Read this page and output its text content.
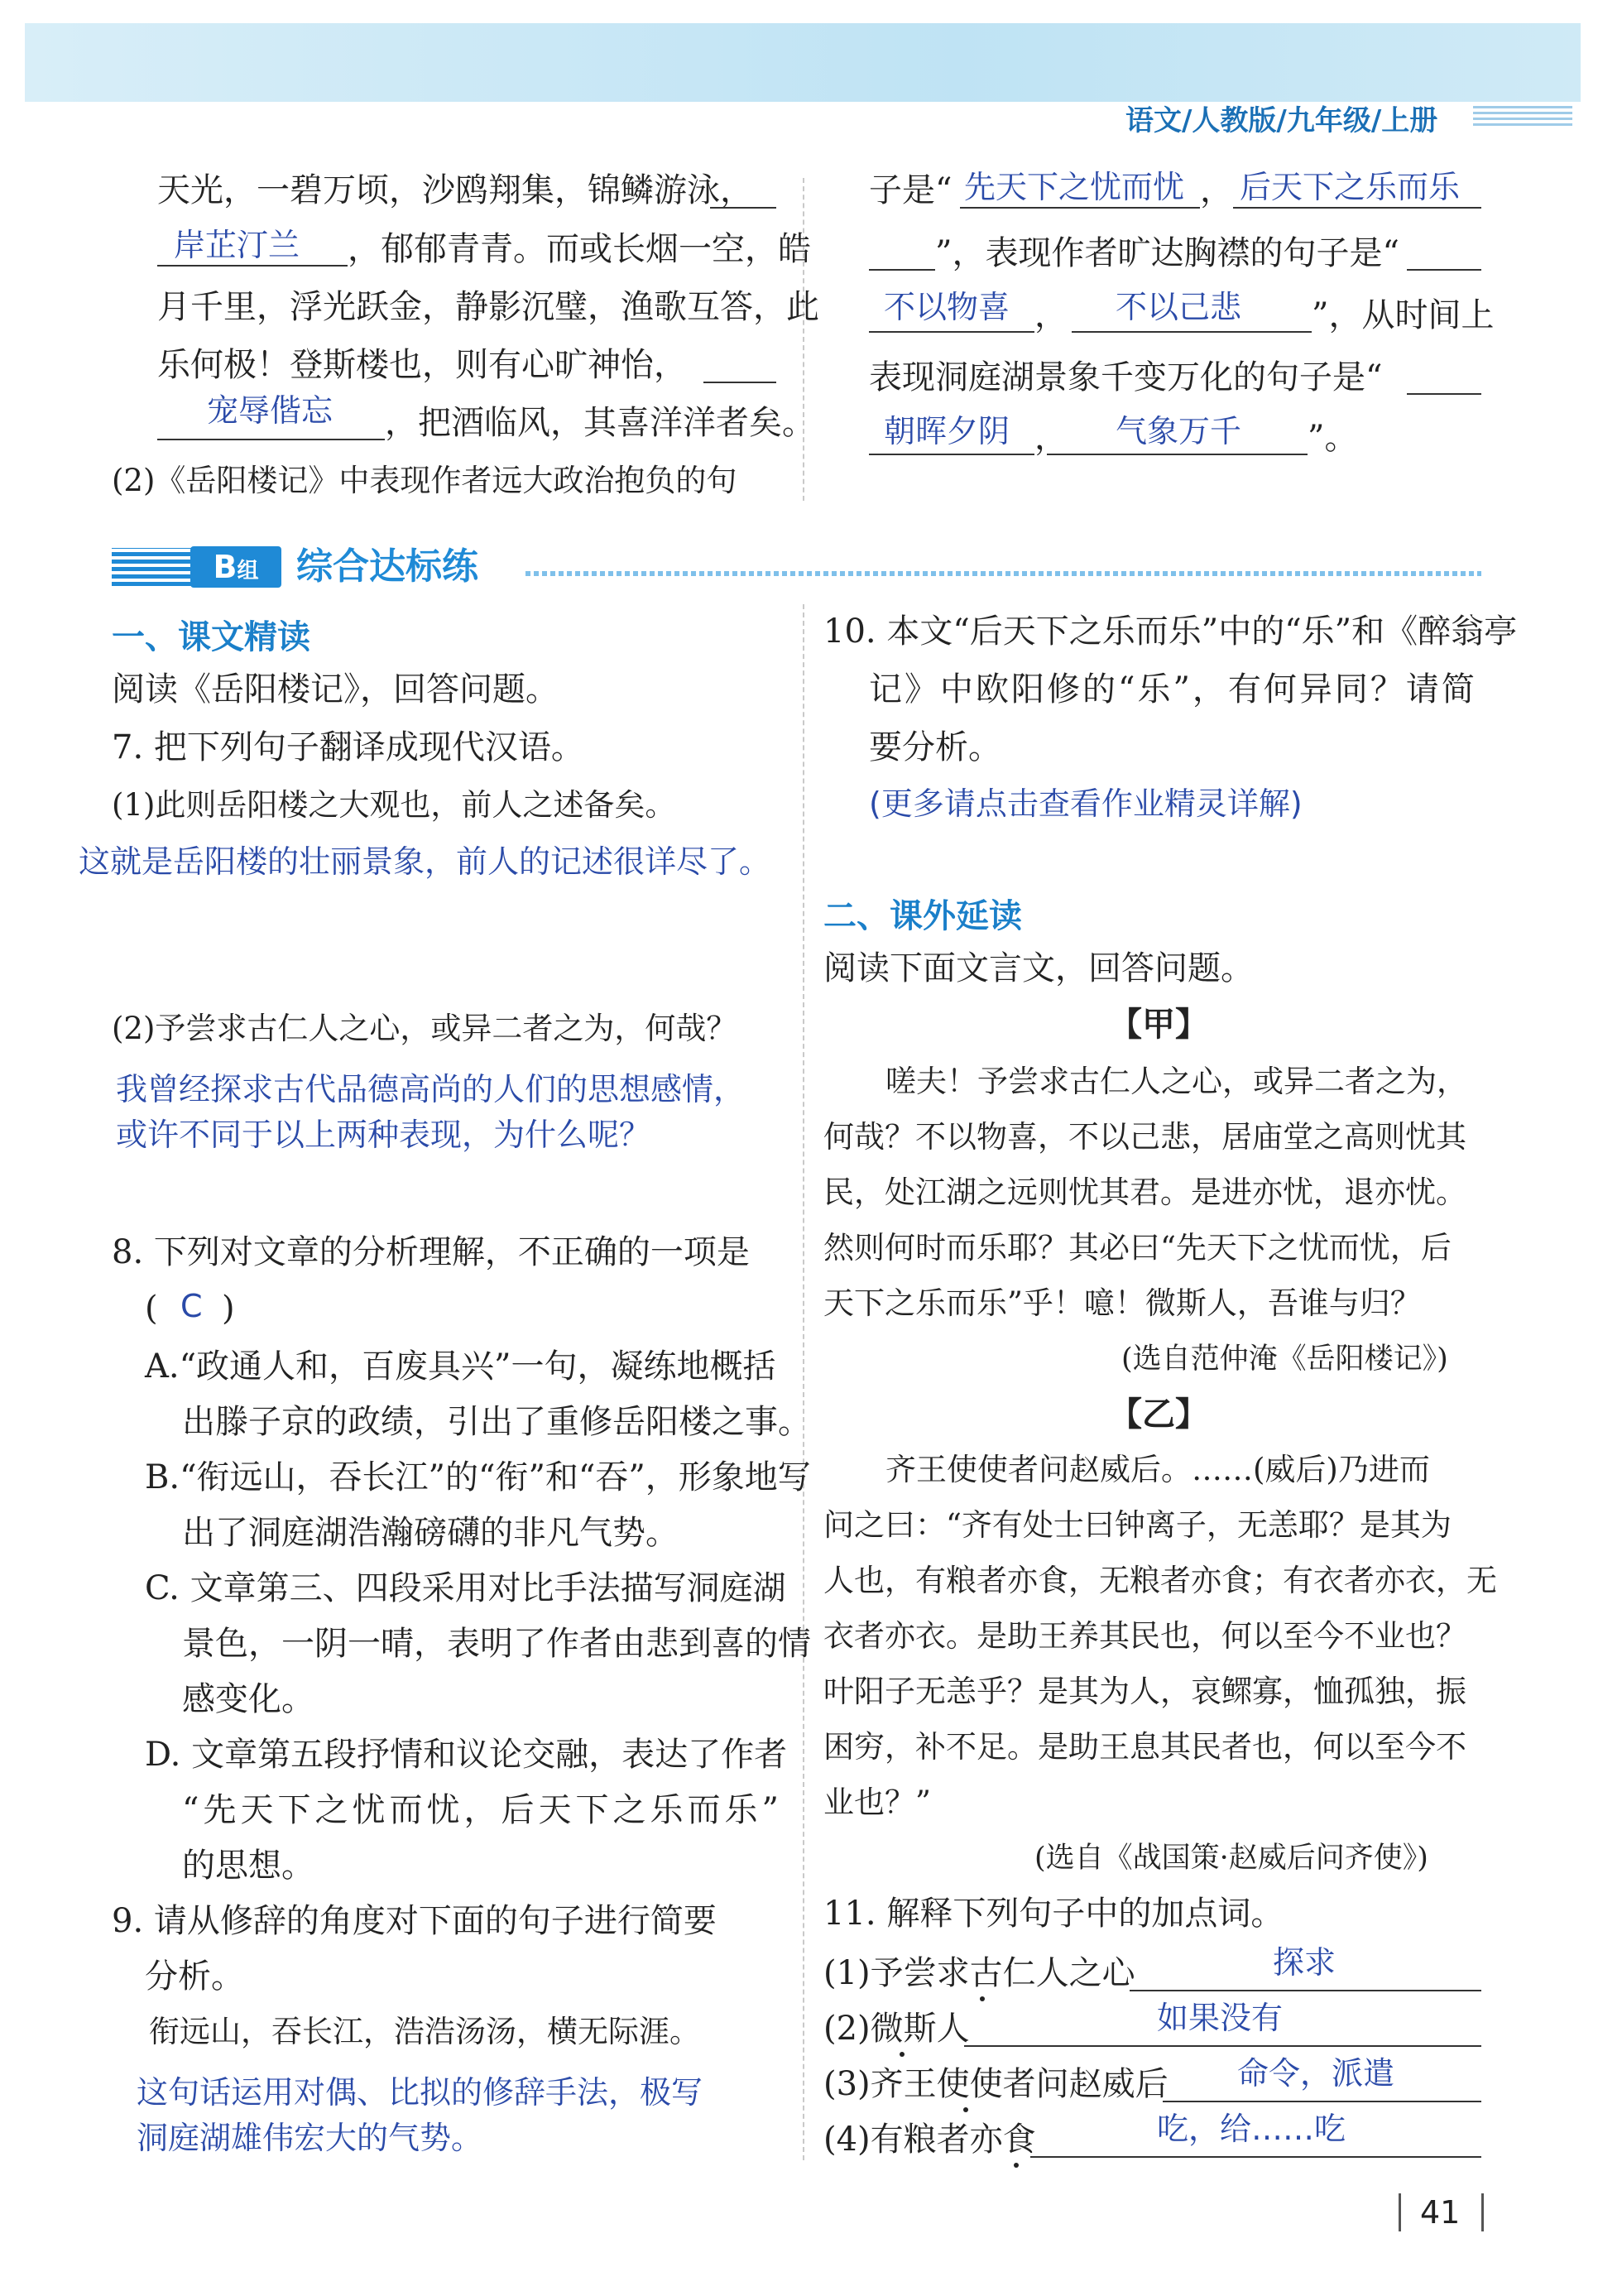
语文/人教版/九年级/上册
天光，一碧万顷，沙鸥翔集，锦鳞游泳，
岸芷汀兰 ，郁郁青青。而或长烟一空，皓
月千里，浮光跃金，静影沉璧，渔歌互答，此
乐何极！登斯楼也，则有心旷神怡，
宠辱偕忘 ，把酒临风，其喜洋洋者矣。
(2)《岳阳楼记》中表现作者远大政治抱负的句
子是“ 先天下之忧而忧 ， 后天下之乐而乐
”，表现作者旷达胸襟的句子是“
不以物喜 ， 不以己悲 ”，从时间上
表现洞庭湖景象千变万化的句子是“
朝晖夕阴 ， 气象万千 ”。
B组	综合达标练
一、课文精读
阅读《岳阳楼记》，回答问题。
7. 把下列句子翻译成现代汉语。
(1)此则岳阳楼之大观也，前人之述备矣。
这就是岳阳楼的壮丽景象，前人的记述很详尽了。
(2)予尝求古仁人之心，或异二者之为，何哉？
我曾经探求古代品德高尚的人们的思想感情，
或许不同于以上两种表现，为什么呢？
8. 下列对文章的分析理解，不正确的一项是
( C )
A.“政通人和，百废具兴”一句，凝练地概括
出滕子京的政绩，引出了重修岳阳楼之事。
B.“衔远山，吞长江”的“衔”和“吞”，形象地写
出了洞庭湖浩瀚磅礴的非凡气势。
C. 文章第三、四段采用对比手法描写洞庭湖
景色，一阴一晴，表明了作者由悲到喜的情
感变化。
D. 文章第五段抒情和议论交融，表达了作者
“先天下之忧而忧，后天下之乐而乐”
的思想。
9. 请从修辞的角度对下面的句子进行简要
分析。
衔远山，吞长江，浩浩汤汤，横无际涯。
这句话运用对偶、比拟的修辞手法，极写
洞庭湖雄伟宏大的气势。
10. 本文“后天下之乐而乐”中的“乐”和《醉翁亭
记》中欧阳修的“乐”，有何异同？请简
要分析。
(更多请点击查看作业精灵详解)
二、课外延读
阅读下面文言文，回答问题。
【甲】
嗟夫！予尝求古仁人之心，或异二者之为，
何哉？不以物喜，不以己悲，居庙堂之高则忧其
民，处江湖之远则忧其君。是进亦忧，退亦忧。
然则何时而乐耶？其必曰“先天下之忧而忧，后
天下之乐而乐”乎！噫！微斯人，吾谁与归？
(选自范仲淹《岳阳楼记》)
【乙】
齐王使使者问赵威后。……(威后)乃进而
问之曰：“齐有处士曰钟离子，无恙耶？是其为
人也，有粮者亦食，无粮者亦食；有衣者亦衣，无
衣者亦衣。是助王养其民也，何以至今不业也？
叶阳子无恙乎？是其为人，哀鳏寡，恤孤独，振
困穷，补不足。是助王息其民者也，何以至今不
业也？”
(选自《战国策·赵威后问齐使》)
11. 解释下列句子中的加点词。
(1)予尝求古仁人之心	探求
(2)微斯人	如果没有
(3)齐王使使者问赵威后 命令，派遣
(4)有粮者亦食	吃，给……吃
41
